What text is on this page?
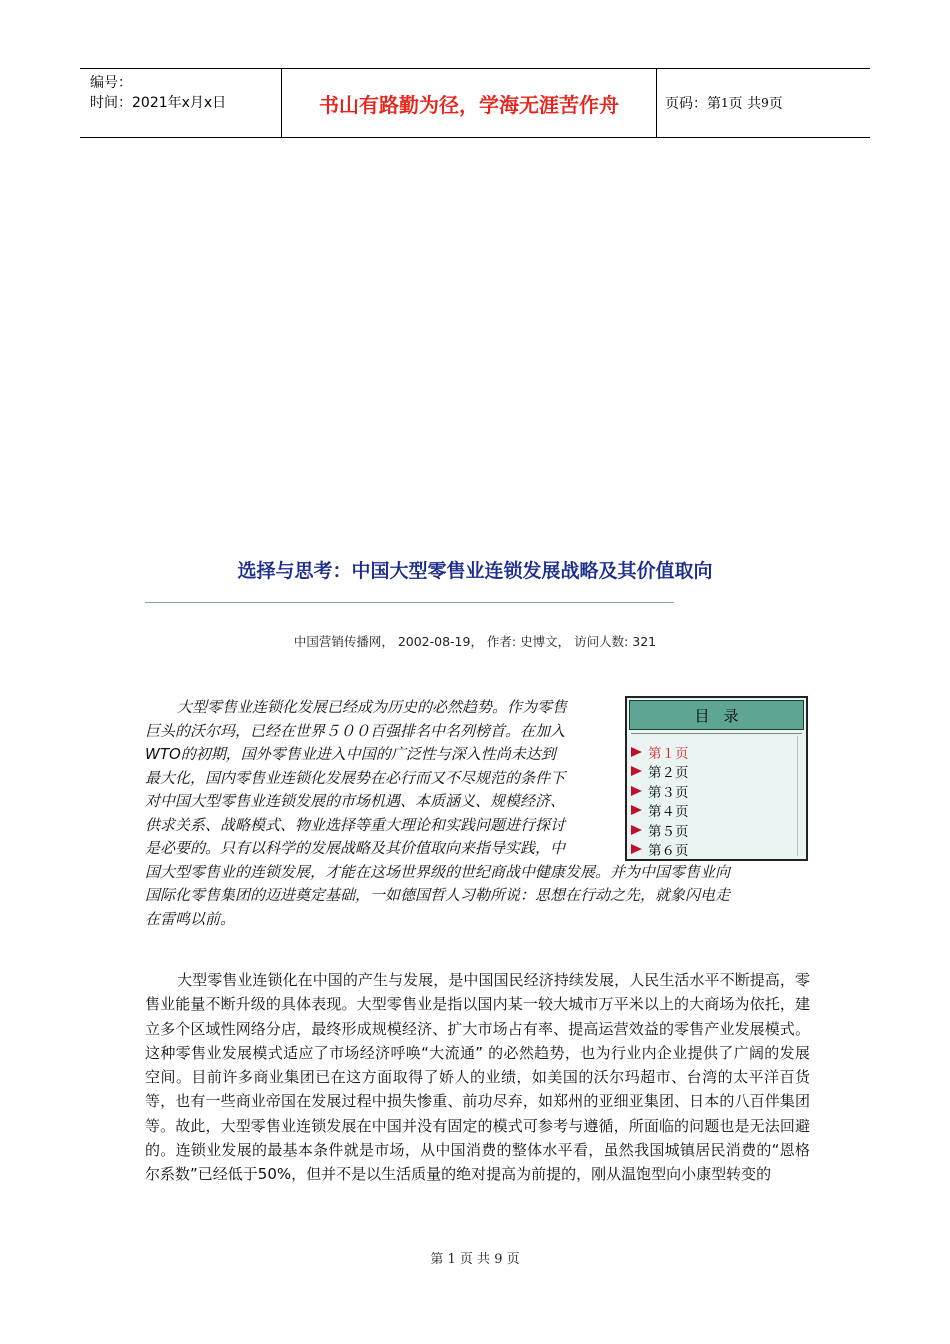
编号：
时间：2021年x月x日	书山有路勤为径，学海无涯苦作舟	页码：第 1 页 共 9 页
选择与思考：中国大型零售业连锁发展战略及其价值取向
中国营销传播网， 2002-08-19， 作者: 史博文， 访问人数: 321
大型零售业连锁化发展已经成为历史的必然趋势。作为零售
巨头的沃尔玛，已经在世界５００百强排名中名列榜首。在加入
WTO的初期，国外零售业进入中国的广泛性与深入性尚未达到
最大化，国内零售业连锁化发展势在必行而又不尽规范的条件下
对中国大型零售业连锁发展的市场机遇、本质涵义、规模经济、
供求关系、战略模式、物业选择等重大理论和实践问题进行探讨
是必要的。只有以科学的发展战略及其价值取向来指导实践，中
国大型零售业的连锁发展，才能在这场世界级的世纪商战中健康发展。并为中国零售业向
国际化零售集团的迈进奠定基础，一如德国哲人习勒所说：思想在行动之先，就象闪电走
在雷鸣以前。
目录
第１页
第２页
第３页
第４页
第５页
第６页
大型零售业连锁化在中国的产生与发展，是中国国民经济持续发展，人民生活水平不断提高，零售业能量不断升级的具体表现。大型零售业是指以国内某一较大城市万平米以上的大商场为依托，建立多个区域性网络分店，最终形成规模经济、扩大市场占有率、提高运营效益的零售产业发展模式。这种零售业发展模式适应了市场经济呼唤“大流通” 的必然趋势，也为行业内企业提供了广阔的发展空间。目前许多商业集团已在这方面取得了娇人的业绩，如美国的沃尔玛超市、台湾的太平洋百货等，也有一些商业帝国在发展过程中损失惨重、前功尽弃，如郑州的亚细亚集团、日本的八百伴集团等。故此，大型零售业连锁发展在中国并没有固定的模式可参考与遵循，所面临的问题也是无法回避的。连锁业发展的最基本条件就是市场，从中国消费的整体水平看，虽然我国城镇居民消费的“恩格尔系数”已经低于50%，但并不是以生活质量的绝对提高为前提的，刚从温饱型向小康型转变的
第 1 页 共 9 页
